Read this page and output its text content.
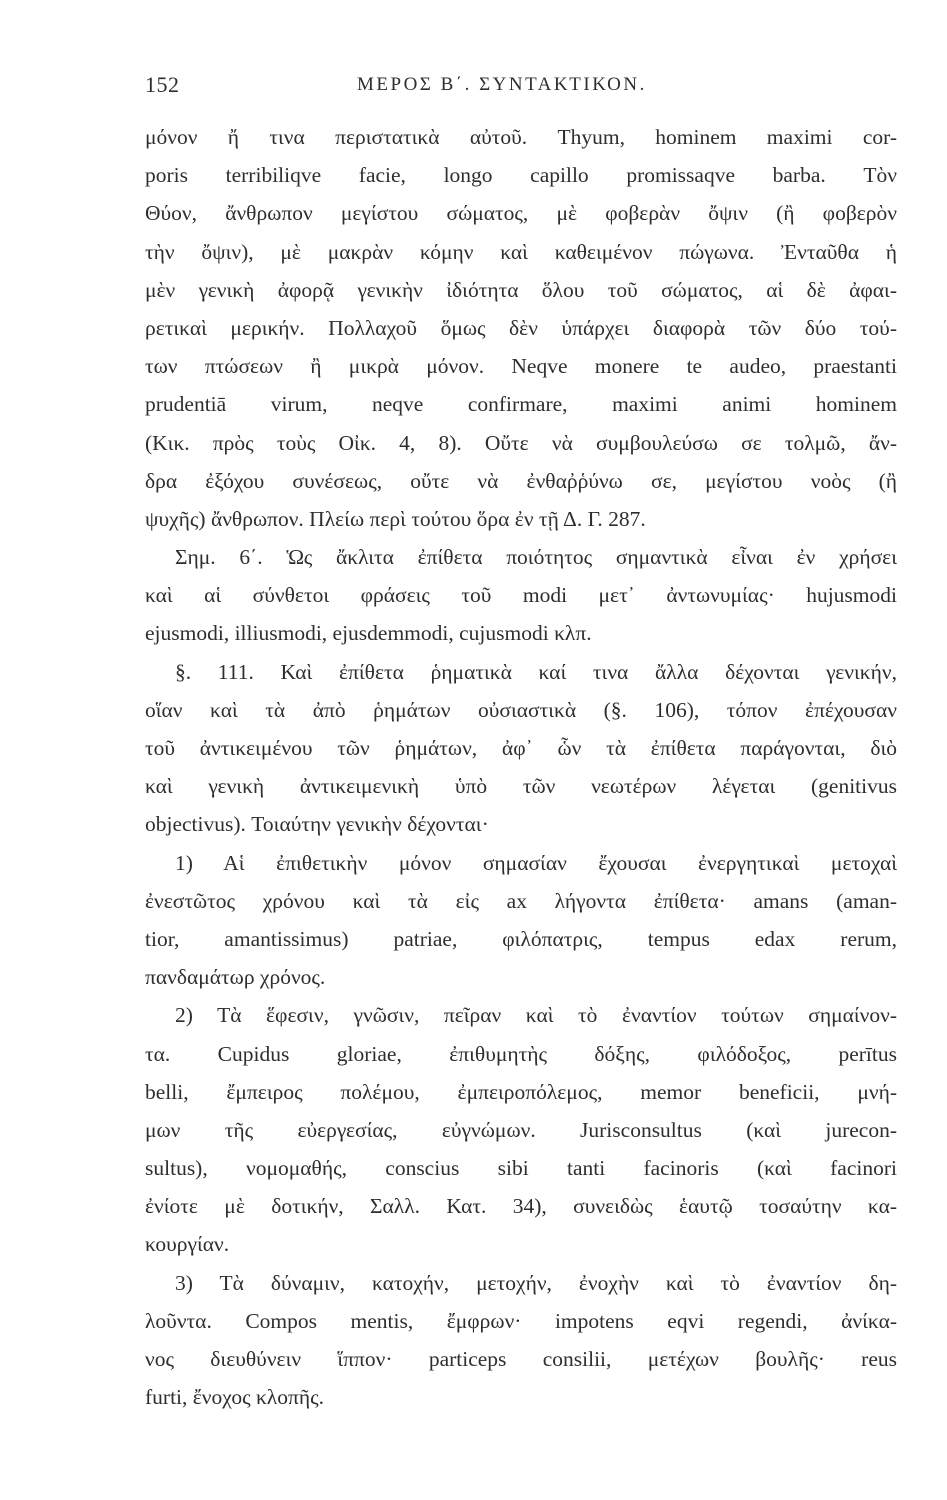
152	ΜΕΡΟΣ Β΄. ΣΥΝΤΑΚΤΙΚΟΝ.
μόνον ἤ τινα περιστατικὰ αὐτοῦ. Thyum, hominem maximi cor-
poris terribiliqve facie, longo capillo promissaqve barba. Τὸν
Θύον, ἄνθρωπον μεγίστου σώματος, μὲ φοβερὰν ὄψιν (ἢ φοβερὸν
τὴν ὄψιν), μὲ μακρὰν κόμην καὶ καθειμένον πώγωνα. Ἐνταῦθα ἡ
μὲν γενικὴ ἀφορᾷ γενικὴν ἰδιότητα ὅλου τοῦ σώματος, αἱ δὲ ἀφαι-
ρετικαὶ μερικήν. Πολλαχοῦ ὅμως δὲν ὑπάρχει διαφορὰ τῶν δύο τού-
των πτώσεων ἢ μικρὰ μόνον. Neqve monere te audeo, praestanti
prudentiā virum, neqve confirmare, maximi animi hominem
(Κικ. πρὸς τοὺς Οἰκ. 4, 8). Οὔτε νὰ συμβουλεύσω σε τολμῶ, ἄν-
δρα ἐξόχου συνέσεως, οὔτε νὰ ἐνθαῤῥύνω σε, μεγίστου νοὸς (ἢ
ψυχῆς) ἄνθρωπον. Πλείω περὶ τούτου ὅρα ἐν τῇ Δ. Γ. 287.
Σημ. 6΄. Ὡς ἄκλιτα ἐπίθετα ποιότητος σημαντικὰ εἶναι ἐν χρήσει
καὶ αἱ σύνθετοι φράσεις τοῦ modi μετ᾽ ἀντωνυμίας· hujusmodi
ejusmodi, illiusmodi, ejusdemmodi, cujusmodi κλπ.
§. 111. Καὶ ἐπίθετα ῥηματικὰ καί τινα ἄλλα δέχονται γενικήν,
οἵαν καὶ τὰ ἀπὸ ῥημάτων οὐσιαστικὰ (§. 106), τόπον ἐπέχουσαν
τοῦ ἀντικειμένου τῶν ῥημάτων, ἀφ᾽ ὧν τὰ ἐπίθετα παράγονται, διὸ
καὶ γενικὴ ἀντικειμενικὴ ὑπὸ τῶν νεωτέρων λέγεται (genitivus
objectivus). Τοιαύτην γενικὴν δέχονται·
1) Αἱ ἐπιθετικὴν μόνον σημασίαν ἔχουσαι ἐνεργητικαὶ μετοχαὶ
ἐνεστῶτος χρόνου καὶ τὰ εἰς ax λήγοντα ἐπίθετα· amans (aman-
tior, amantissimus) patriae, φιλόπατρις, tempus edax rerum,
πανδαμάτωρ χρόνος.
2) Τὰ ἕφεσιν, γνῶσιν, πεῖραν καὶ τὸ ἐναντίον τούτων σημαίνον-
τα. Cupidus gloriae, ἐπιθυμητὴς δόξης, φιλόδοξος, perītus
belli, ἔμπειρος πολέμου, ἐμπειροπόλεμος, memor beneficii, μνή-
μων τῆς εὐεργεσίας, εὐγνώμων. Jurisconsultus (καὶ jurecon-
sultus), νομομαθής, conscius sibi tanti facinoris (καὶ facinori
ἐνίοτε μὲ δοτικήν, Σαλλ. Κατ. 34), συνειδὼς ἑαυτῷ τοσαύτην κα-
κουργίαν.
3) Τὰ δύναμιν, κατοχήν, μετοχήν, ἐνοχὴν καὶ τὸ ἐναντίον δη-
λοῦντα. Compos mentis, ἔμφρων· impotens eqvi regendi, ἀνίκα-
νος διευθύνειν ἵππον· particeps consilii, μετέχων βουλῆς· reus
furti, ἔνοχος κλοπῆς.
